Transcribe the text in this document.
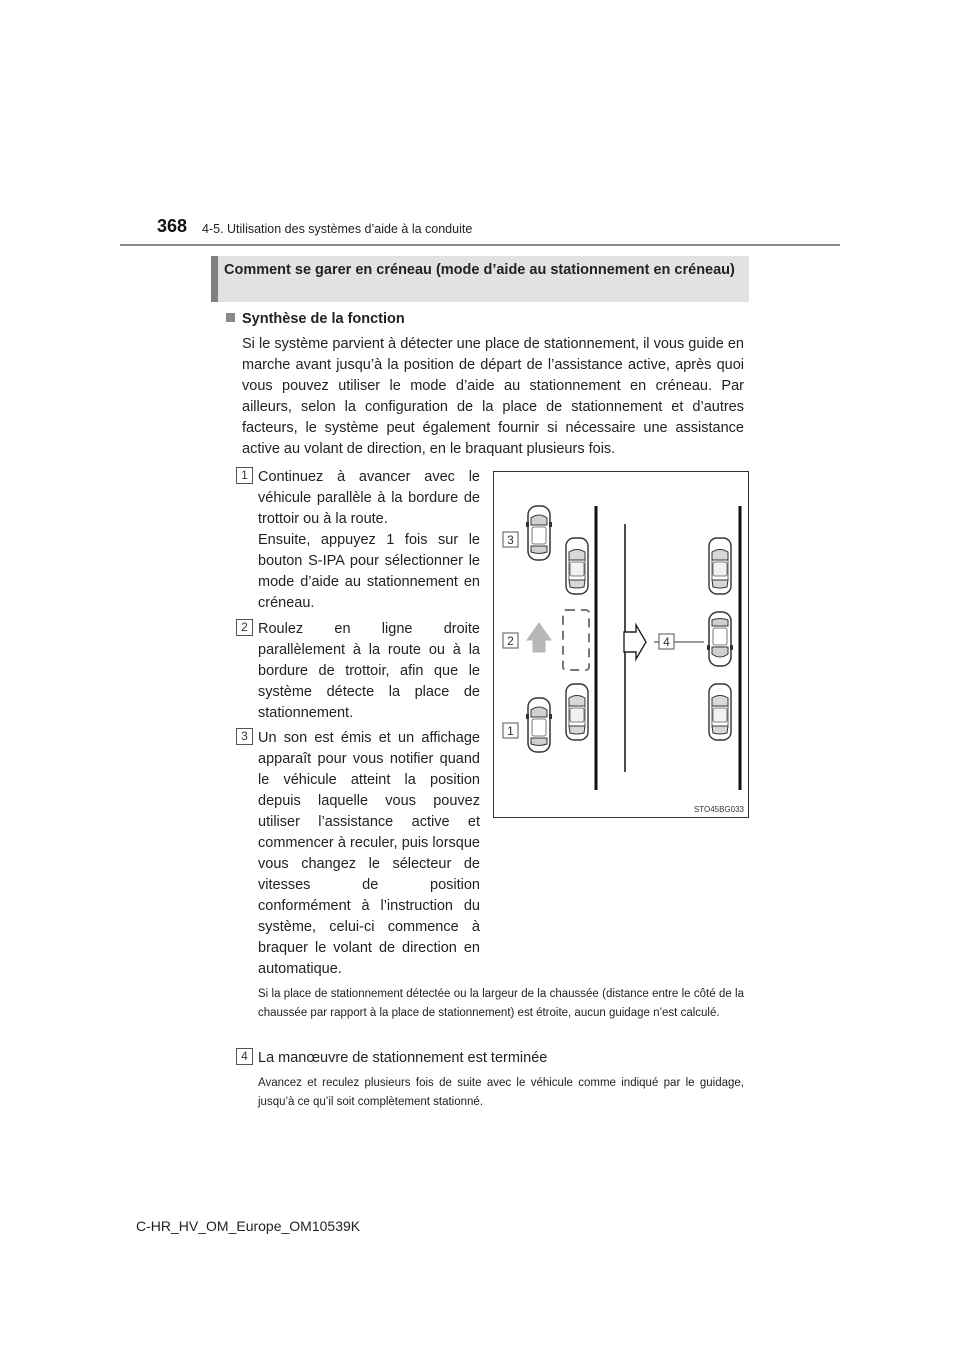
368 4-5. Utilisation des systèmes d’aide à la conduite
Comment se garer en créneau (mode d’aide au stationnement en créneau)
Synthèse de la fonction

Si le système parvient à détecter une place de stationnement, il vous guide en marche avant jusqu’à la position de départ de l’assistance active, après quoi vous pouvez utiliser le mode d’aide au stationnement en créneau. Par ailleurs, selon la configuration de la place de stationnement et d’autres facteurs, le système peut également fournir si nécessaire une assistance active au volant de direction, en le braquant plusieurs fois.

1 Continuez à avancer avec le véhicule parallèle à la bordure de trottoir ou à la route.

Ensuite, appuyez 1 fois sur le bouton S-IPA pour sélectionner le mode d’aide au stationnement en créneau.

2 Roulez en ligne droite parallèlement à la route ou à la bordure de trottoir, afin que le système détecte la place de stationnement.

3 Un son est émis et un affichage apparaît pour vous notifier quand le véhicule atteint la position depuis laquelle vous pouvez utiliser l’assistance active et commencer à reculer, puis lorsque vous changez le sélecteur de vitesses de position conformément à l’instruction du système, celui-ci commence à braquer le volant de direction en automatique.

Si la place de stationnement détectée ou la largeur de la chaussée (distance entre le côté de la chaussée par rapport à la place de stationnement) est étroite, aucun guidage n’est calculé.

4 La manœuvre de stationnement est terminée

Avancez et reculez plusieurs fois de suite avec le véhicule comme indiqué par le guidage, jusqu’à ce qu’il soit complètement stationné.

3
2
1
4
STO45BG033
C-HR_HV_OM_Europe_OM10539K
